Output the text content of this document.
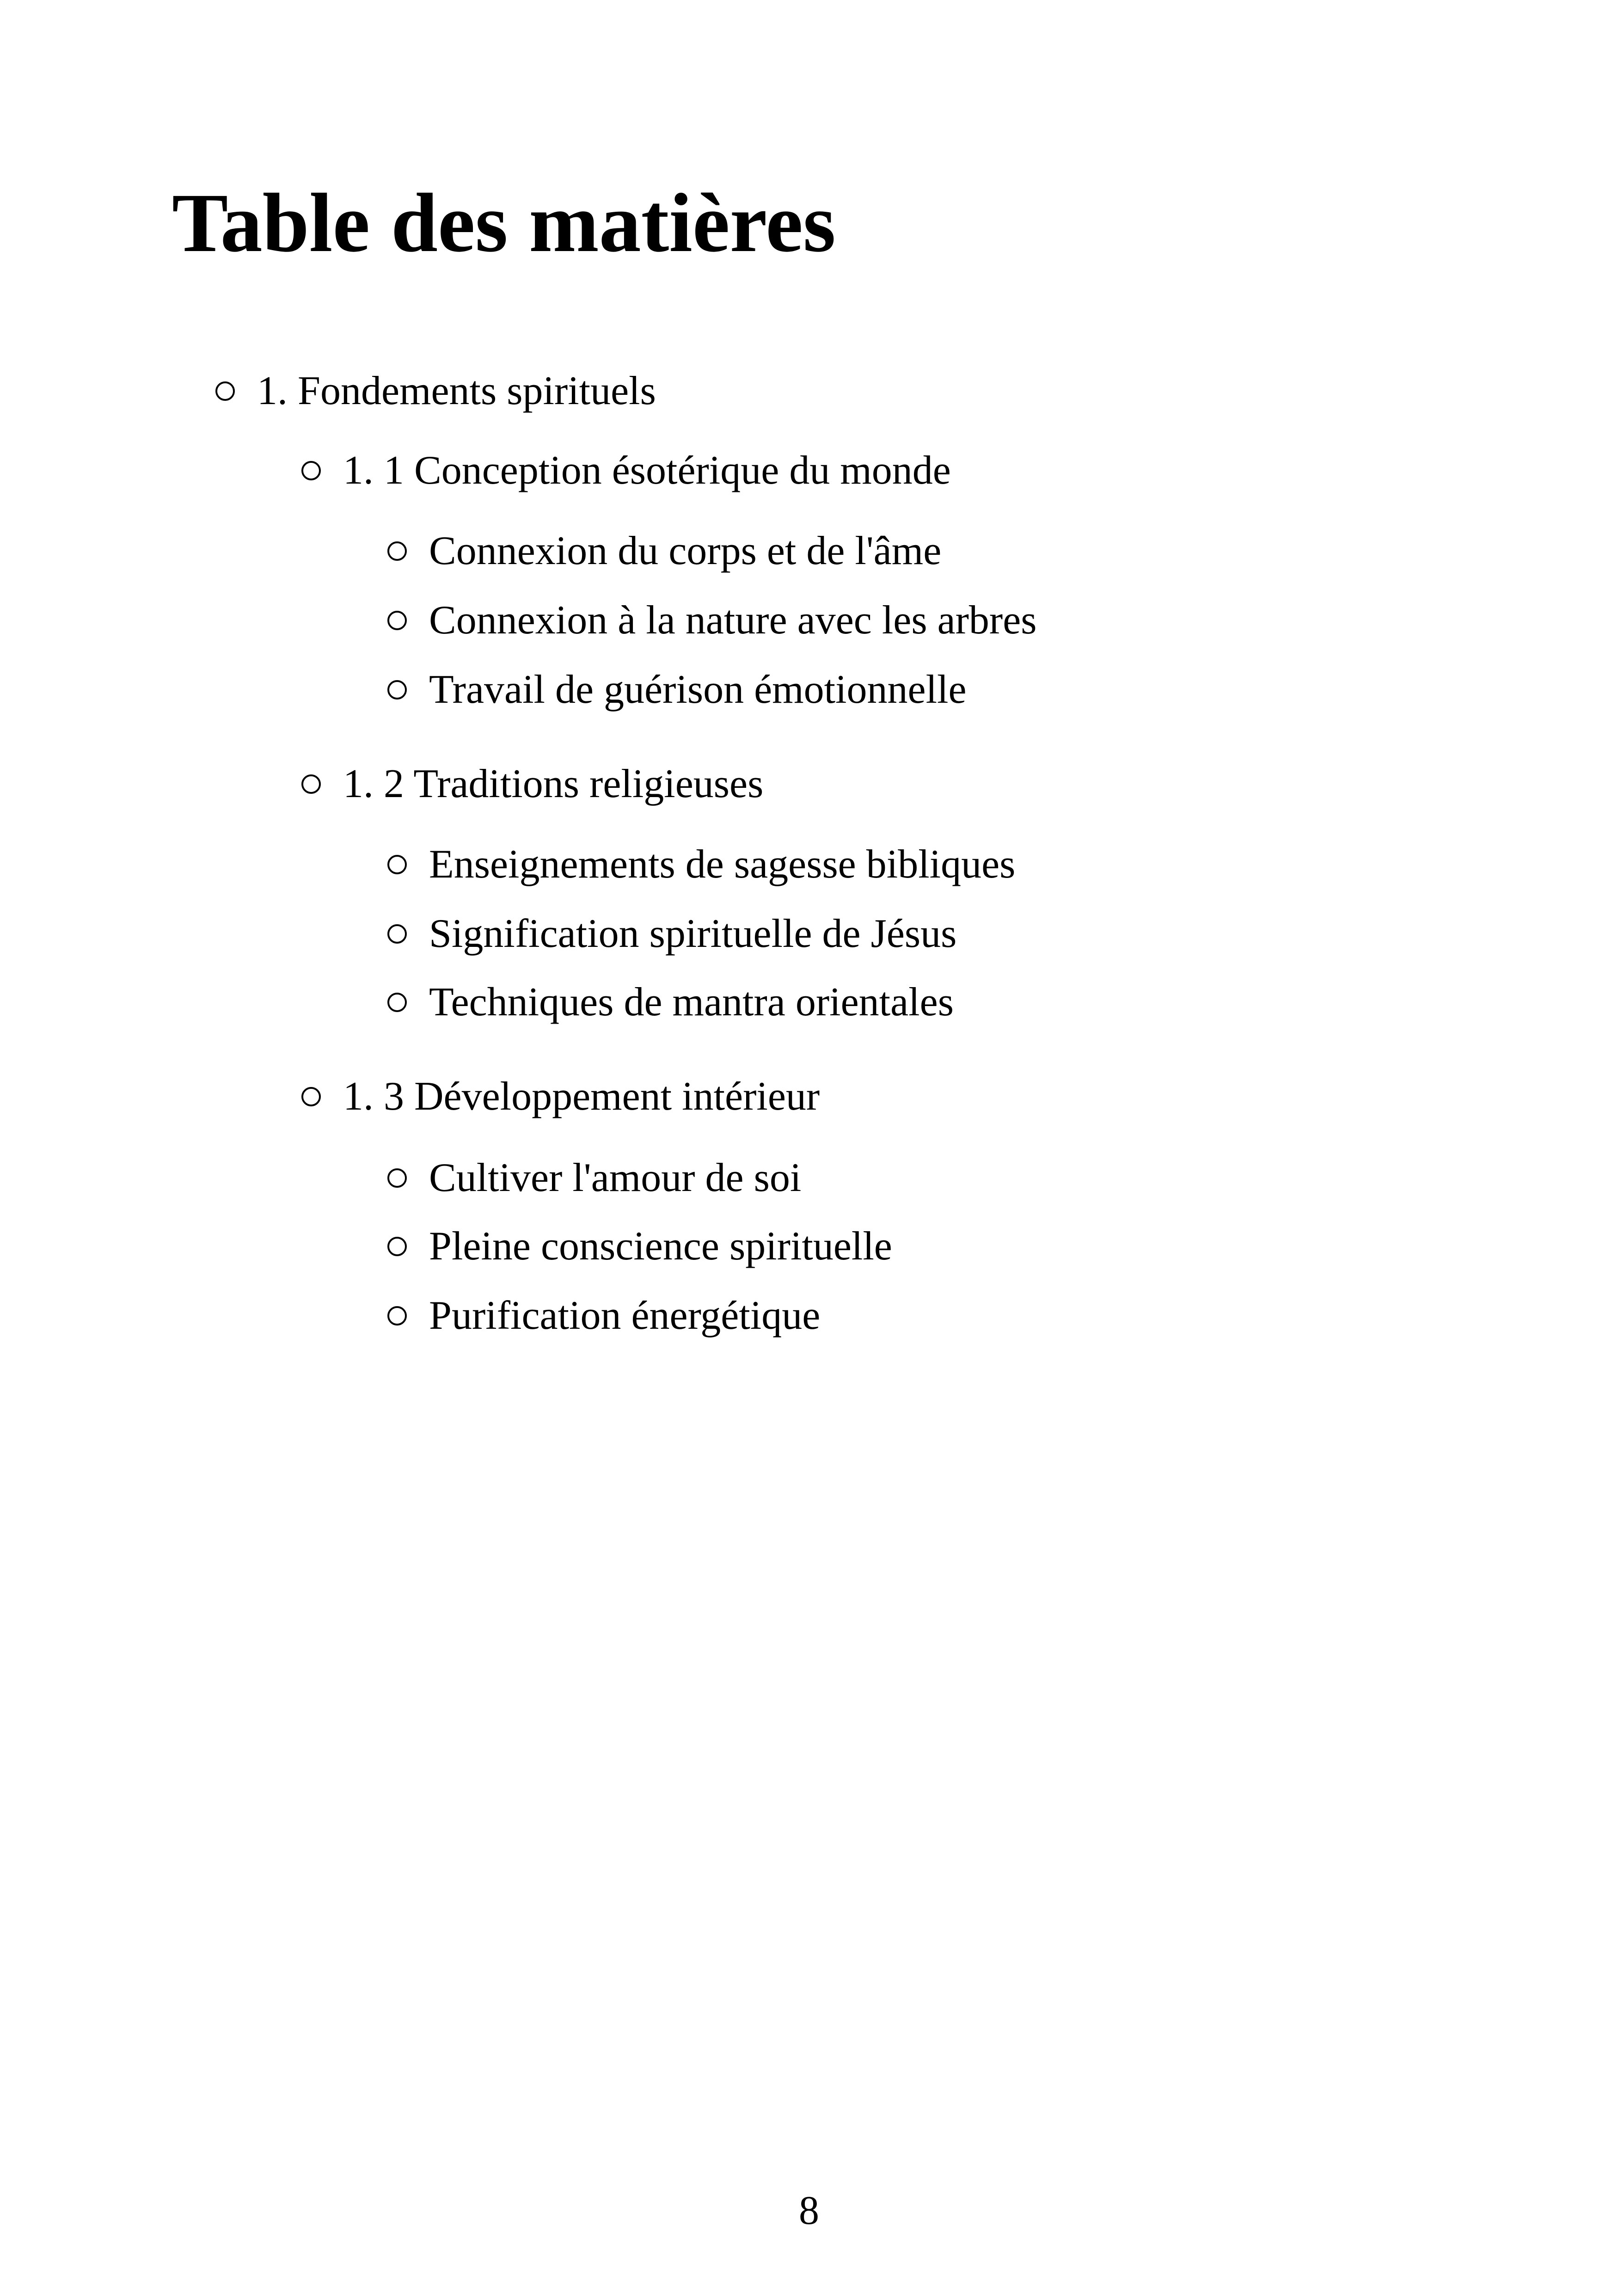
Table des matières
1. Fondements spirituels
1. 1 Conception ésotérique du monde
Connexion du corps et de l'âme
Connexion à la nature avec les arbres
Travail de guérison émotionnelle
1. 2 Traditions religieuses
Enseignements de sagesse bibliques
Signification spirituelle de Jésus
Techniques de mantra orientales
1. 3 Développement intérieur
Cultiver l'amour de soi
Pleine conscience spirituelle
Purification énergétique
8
